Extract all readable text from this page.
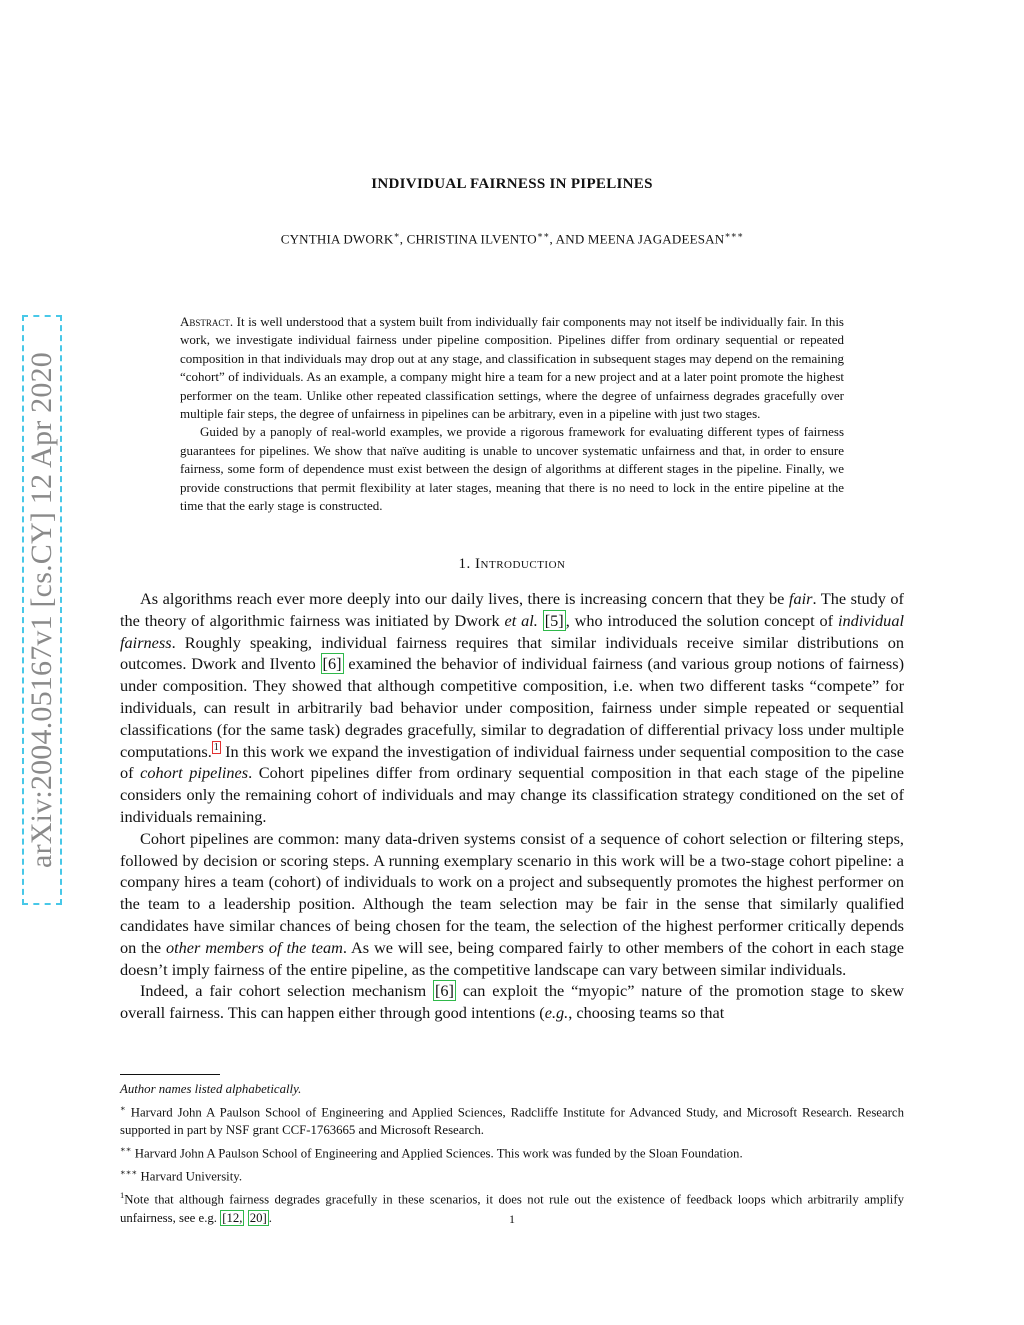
arXiv:2004.05167v1 [cs.CY] 12 Apr 2020
INDIVIDUAL FAIRNESS IN PIPELINES
CYNTHIA DWORK∗, CHRISTINA ILVENTO∗∗, AND MEENA JAGADEESAN∗∗∗

Abstract. It is well understood that a system built from individually fair components may not itself be individually fair. In this work, we investigate individual fairness under pipeline composition. Pipelines differ from ordinary sequential or repeated composition in that individuals may drop out at any stage, and classification in subsequent stages may depend on the remaining “cohort” of individuals. As an example, a company might hire a team for a new project and at a later point promote the highest performer on the team. Unlike other repeated classification settings, where the degree of unfairness degrades gracefully over multiple fair steps, the degree of unfairness in pipelines can be arbitrary, even in a pipeline with just two stages.

Guided by a panoply of real-world examples, we provide a rigorous framework for evaluating different types of fairness guarantees for pipelines. We show that naïve auditing is unable to uncover systematic unfairness and that, in order to ensure fairness, some form of dependence must exist between the design of algorithms at different stages in the pipeline. Finally, we provide constructions that permit flexibility at later stages, meaning that there is no need to lock in the entire pipeline at the time that the early stage is constructed.

1. Introduction

As algorithms reach ever more deeply into our daily lives, there is increasing concern that they be fair. The study of the theory of algorithmic fairness was initiated by Dwork et al. [5] , who introduced the solution concept of individual fairness. Roughly speaking, individual fairness requires that similar individuals receive similar distributions on outcomes. Dwork and Ilvento [6] examined the behavior of individual fairness (and various group notions of fairness) under composition. They showed that although competitive composition, i.e. when two different tasks “compete” for individuals, can result in arbitrarily bad behavior under composition, fairness under simple repeated or sequential classifications (for the same task) degrades gracefully, similar to degradation of differential privacy loss under multiple computations. $^1$ In this work we expand the investigation of individual fairness under sequential composition to the case of cohort pipelines. Cohort pipelines differ from ordinary sequential composition in that each stage of the pipeline considers only the remaining cohort of individuals and may change its classification strategy conditioned on the set of individuals remaining.

Cohort pipelines are common: many data-driven systems consist of a sequence of cohort selection or filtering steps, followed by decision or scoring steps. A running exemplary scenario in this work will be a two-stage cohort pipeline: a company hires a team (cohort) of individuals to work on a project and subsequently promotes the highest performer on the team to a leadership position. Although the team selection may be fair in the sense that similarly qualified candidates have similar chances of being chosen for the team, the selection of the highest performer critically depends on the other members of the team. As we will see, being compared fairly to other members of the cohort in each stage doesn’t imply fairness of the entire pipeline, as the competitive landscape can vary between similar individuals.

Indeed, a fair cohort selection mechanism [6] can exploit the “myopic” nature of the promotion stage to skew overall fairness. This can happen either through good intentions (e.g., choosing teams so that

Author names listed alphabetically.

∗ Harvard John A Paulson School of Engineering and Applied Sciences, Radcliffe Institute for Advanced Study, and Microsoft Research. Research supported in part by NSF grant CCF-1763665 and Microsoft Research.

∗∗ Harvard John A Paulson School of Engineering and Applied Sciences. This work was funded by the Sloan Foundation.

∗∗∗ Harvard University.

$^1$Note that although fairness degrades gracefully in these scenarios, it does not rule out the existence of feedback loops which arbitrarily amplify unfairness, see e.g. [12, 20] .	1
